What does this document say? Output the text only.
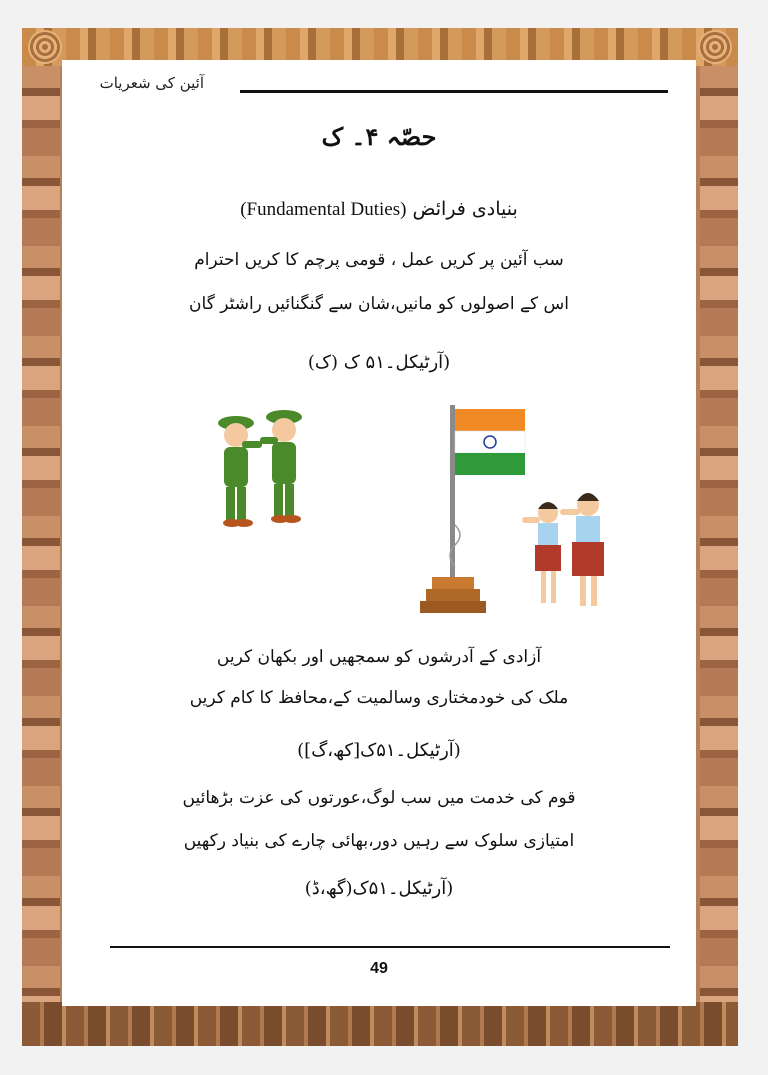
آئین کی شعریات
حصّہ ۴۔ ک
(Fundamental Duties) بنیادی فرائض
سب آئین پر کریں عمل ، قومی پرچم کا کریں احترام
اس کے اصولوں کو مانیں،شان سے گنگنائیں راشٹر گان
(آرٹیکل۔۵۱ ک (ک)
آزادی کے آدرشوں کو سمجھیں اور بکھان کریں
ملک کی خودمختاری وسالمیت کے،محافظ کا کام کریں
(آرٹیکل۔۵۱ک[کھ،گ])
قوم کی خدمت میں سب لوگ،عورتوں کی عزت بڑھائیں
امتیازی سلوک سے رہیں دور،بھائی چارے کی بنیاد رکھیں
(آرٹیکل۔۵۱ک(گھ،ڈ)
49
